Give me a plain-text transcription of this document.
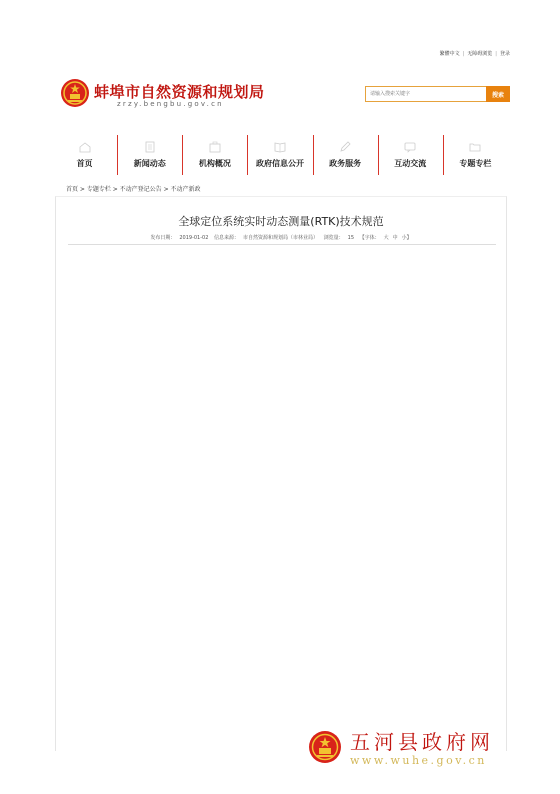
繁體中文 | 无障碍浏览 | 登录
蚌埠市自然资源和规划局
zrzy.bengbu.gov.cn
请输入搜索关键字
搜索
首页	新闻动态	机构概况	政府信息公开	政务服务	互动交流	专题专栏
首页 > 专题专栏 > 不动产登记公告 > 不动产新政
全球定位系统实时动态测量(RTK)技术规范
发布日期： 2019-01-02 信息来源： 市自然资源和规划局（市林业局） 浏览量： 15 【字体： 大 中 小】
五河县政府网
www.wuhe.gov.cn
